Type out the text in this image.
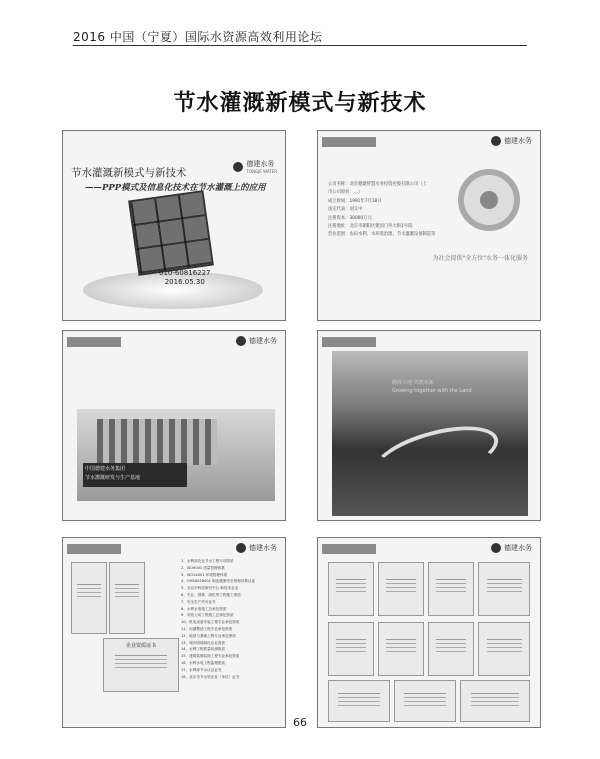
2016 中国（宁夏）国际水资源高效利用论坛
节水灌溉新模式与新技术
节水灌溉新模式与新技术
——PPP模式及信息化技术在节水灌溉上的应用
德建水务
TONGJE WATER
010-60816227
2016.05.30
德建水务
公司名称：北京德建智慧水务投资控股有限公司（上
市公司原名：…）
成立时间：1991年7月18日
法定代表：刘义中
注册资本：30000万元
注册地址：北京市朝阳区建国门外大街1号院
营业范围：农田水利、水环境治理、节水灌溉设备制造等
为社会提供"全方位"水务一体化服务
德建水务
中国德建水务集团
节水灌溉研发与生产基地
润泽大地 共筑未来
Growing together with the Land
德建水务
企业资质证书
1、水利部农业节水工程专项资质
2、ISO9001 质量管理体系
3、ISO14001 环境管理体系
4、OHSAS18001 职业健康安全管理体系认证
5、北京市科技研究中心·新技术企业
6、专业、园林、绿化等工程施工资质
7、安全生产许可证书
8、水利水电施工总承包资质
9、市政公用工程施工总承包资质
10、机电设备安装工程专业承包资质
11、河湖整治工程专业承包资质
12、地基与基础工程专业承包资质
13、城市园林绿化企业资质
14、水利工程质量检测资质
15、建筑装修装饰工程专业承包资质
16、水利水电工程监理资质
17、水利部节水认证证书
18、北京市节水型企业（单位）证书
德建水务
66
